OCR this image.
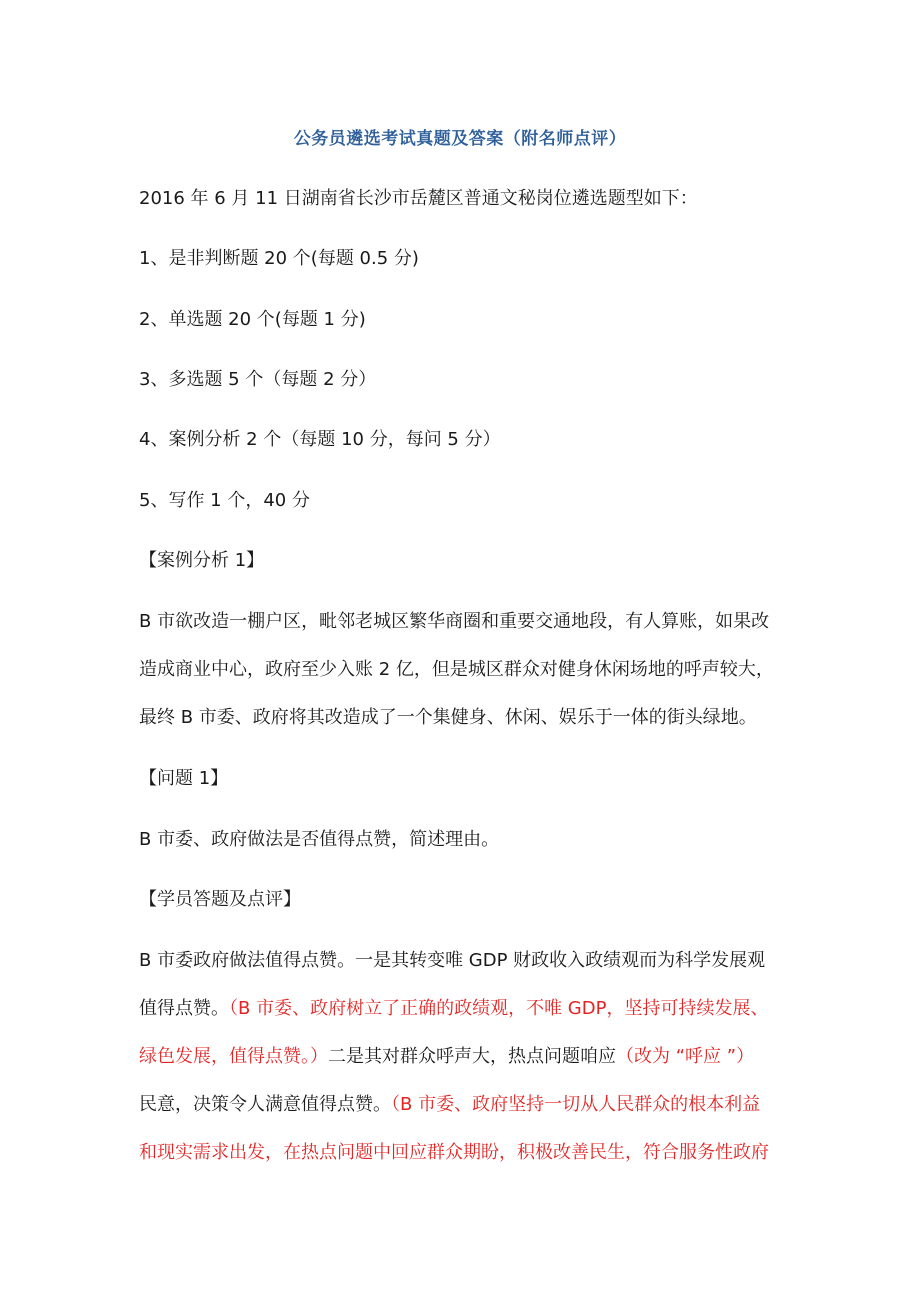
公务员遴选考试真题及答案（附名师点评）
2016 年 6 月 11 日湖南省长沙市岳麓区普通文秘岗位遴选题型如下：
1、是非判断题 20 个(每题 0.5 分)
2、单选题 20 个(每题 1 分)
3、多选题 5 个（每题 2 分）
4、案例分析 2 个（每题 10 分，每问 5 分）
5、写作 1 个，40 分
【案例分析 1】
B 市欲改造一棚户区，毗邻老城区繁华商圈和重要交通地段，有人算账，如果改
造成商业中心，政府至少入账 2 亿，但是城区群众对健身休闲场地的呼声较大，
最终 B 市委、政府将其改造成了一个集健身、休闲、娱乐于一体的街头绿地。
【问题 1】
B 市委、政府做法是否值得点赞，简述理由。
【学员答题及点评】
B 市委政府做法值得点赞。一是其转变唯 GDP 财政收入政绩观而为科学发展观
值得点赞。（B 市委、政府树立了正确的政绩观，不唯 GDP，坚持可持续发展、
绿色发展，值得点赞。）二是其对群众呼声大，热点问题咱应（改为 “呼应 ”）
民意，决策令人满意值得点赞。（B 市委、政府坚持一切从人民群众的根本利益
和现实需求出发，在热点问题中回应群众期盼，积极改善民生，符合服务性政府
